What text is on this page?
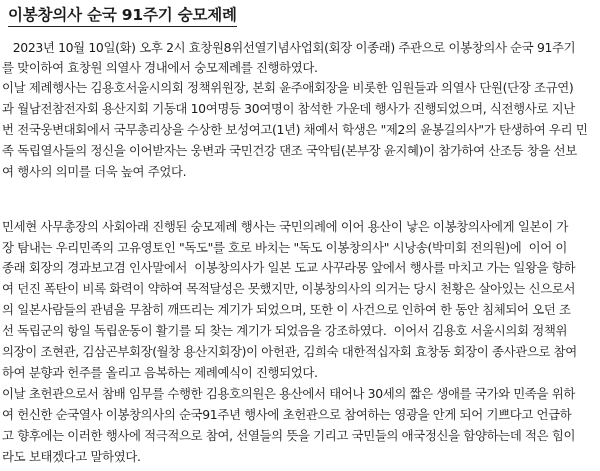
이봉창의사 순국 91주기 숭모제례
2023년 10월 10일(화) 오후 2시 효창원8위선열기념사업회(회장 이종래) 주관으로 이봉창의사 순국 91주기
를 맞이하여 효창원 의열사 경내에서 숭모제례를 진행하였다.
이날 제례행사는 김용호서울시의회 정책위원장, 본회 윤주애회장을 비롯한 임원들과 의열사 단원(단장 조규연)
과 월남전참전자회 용산지회 기동대 10여명등 30여명이 참석한 가운데 행사가 진행되었으며, 식전행사로 지난
번 전국웅변대회에서 국무총리상을 수상한 보성여고(1년) 채예서 학생은 "제2의 윤봉길의사"가 탄생하여 우리 민
족 독립열사들의 정신을 이어받자는 웅변과 국민건강 댄조 국악팀(본부장 윤지혜)이 참가하여 산조등 창을 선보
여 행사의 의미를 더욱 높여 주었다.
민세현 사무총장의 사회아래 진행된 숭모제례 행사는 국민의례에 이어 용산이 낳은 이봉창의사에게 일본이 가
장 탐내는 우리민족의 고유영토인 "독도"를 호로 바치는 "독도 이봉창의사" 시낭송(박미회 전의원)에  이어 이
종래 회장의 경과보고겸 인사말에서  이봉창의사가 일본 도교 사꾸라몽 앞에서 행사를 마치고 가는 일왕을 향하
여 던진 폭탄이 비록 화력이 약하여 목적달성은 못했지만, 이봉창의사의 의거는 당시 천황은 살아있는 신으로서
의 일본사람들의 관념을 무참히 깨뜨리는 계기가 되었으며, 또한 이 사건으로 인하여 한 동안 침체되어 오던 조
선 독립군의 항일 독립운동이 활기를 되 찾는 계기가 되었음을 강조하였다.  이어서 김용호 서울시의회 정책위
의장이 조현관, 김삼곤부회장(월창 용산지회장)이 아헌관, 김희숙 대한적십자회 효창동 회장이 종사관으로 참여
하여 분향과 헌주를 올리고 음복하는 제례예식이 진행되었다.
이날 초헌관으로서 참배 임무를 수행한 김용호의원은 용산에서 태어나 30세의 짧은 생애를 국가와 민족을 위하
여 헌신한 순국열사 이봉창의사의 순국91주년 행사에 초헌관으로 참여하는 영광을 안게 되어 기쁘다고 언급하
고 향후에는 이러한 행사에 적극적으로 참여, 선열들의 뜻을 기리고 국민들의 애국정신을 함양하는데 적은 힘이
라도 보태겠다고 말하였다.
